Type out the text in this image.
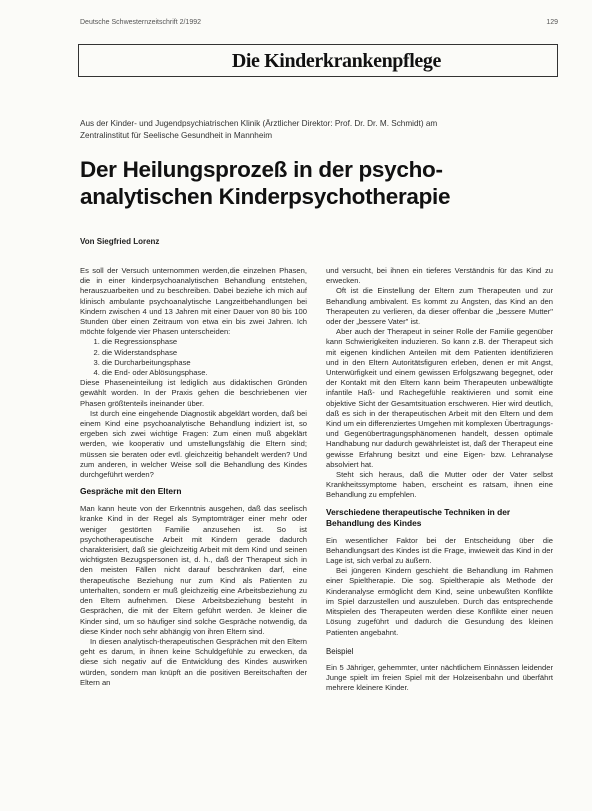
Deutsche Schwesternzeitschrift 2/1992	129
Die Kinderkrankenpflege
Aus der Kinder- und Jugendpsychiatrischen Klinik (Ärztlicher Direktor: Prof. Dr. Dr. M. Schmidt) am
Zentralinstitut für Seelische Gesundheit in Mannheim
Der Heilungsprozeß in der psycho-
analytischen Kinderpsychotherapie
Von Siegfried Lorenz

Es soll der Versuch unternommen werden,die einzelnen Phasen, die in einer kinderpsychoanalytischen Behandlung entstehen, herauszuarbeiten und zu beschreiben. Dabei beziehe ich mich auf klinisch ambulante psychoanalytische Langzeitbehandlungen bei Kindern zwischen 4 und 13 Jahren mit einer Dauer von 80 bis 100 Stunden über einen Zeitraum von etwa ein bis zwei Jahren. Ich möchte folgende vier Phasen unterscheiden:

1. die Regressionsphase
2. die Widerstandsphase
3. die Durcharbeitungsphase
4. die End- oder Ablösungsphase.

Diese Phaseneinteilung ist lediglich aus didaktischen Gründen gewählt worden. In der Praxis gehen die beschriebenen vier Phasen größtenteils ineinander über.

Ist durch eine eingehende Diagnostik abgeklärt worden, daß bei einem Kind eine psychoanalytische Behandlung indiziert ist, so ergeben sich zwei wichtige Fragen: Zum einen muß abgeklärt werden, wie kooperativ und umstellungsfähig die Eltern sind; müssen sie beraten oder evtl. gleichzeitig behandelt werden? Und zum anderen, in welcher Weise soll die Behandlung des Kindes durchgeführt werden?

Gespräche mit den Eltern

Man kann heute von der Erkenntnis ausgehen, daß das seelisch kranke Kind in der Regel als Symptomträger einer mehr oder weniger gestörten Familie anzusehen ist. So ist psychotherapeutische Arbeit mit Kindern gerade dadurch charakterisiert, daß sie gleichzeitig Arbeit mit dem Kind und seinen wichtigsten Bezugspersonen ist, d. h., daß der Therapeut sich in den meisten Fällen nicht darauf beschränken darf, eine therapeutische Beziehung nur zum Kind als Patienten zu unterhalten, sondern er muß gleichzeitig eine Arbeitsbeziehung zu den Eltern aufnehmen. Diese Arbeitsbeziehung besteht in Gesprächen, die mit der Eltern geführt werden. Je kleiner die Kinder sind, um so häufiger sind solche Gespräche notwendig, da diese Kinder noch sehr abhängig von ihren Eltern sind.

In diesen analytisch-therapeutischen Gesprächen mit den Eltern geht es darum, in ihnen keine Schuldgefühle zu erwecken, da diese sich negativ auf die Entwicklung des Kindes auswirken würden, sondern man knüpft an die positiven Bereitschaften der Eltern an

und versucht, bei ihnen ein tieferes Verständnis für das Kind zu erwecken.

Oft ist die Einstellung der Eltern zum Therapeuten und zur Behandlung ambivalent. Es kommt zu Ängsten, das Kind an den Therapeuten zu verlieren, da dieser offenbar die „bessere Mutter" oder der „bessere Vater" ist.

Aber auch der Therapeut in seiner Rolle der Familie gegenüber kann Schwierigkeiten induzieren. So kann z.B. der Therapeut sich mit eigenen kindlichen Anteilen mit dem Patienten identifizieren und in den Eltern Autoritätsfiguren erleben, denen er mit Angst, Unterwürfigkeit und einem gewissen Erfolgszwang begegnet, oder der Kontakt mit den Eltern kann beim Therapeuten unbewältigte infantile Haß- und Rachegefühle reaktivieren und somit eine objektive Sicht der Gesamtsituation erschweren. Hier wird deutlich, daß es sich in der therapeutischen Arbeit mit den Eltern und dem Kind um ein differenziertes Umgehen mit komplexen Übertragungs- und Gegenübertragungsphänomenen handelt, dessen optimale Handhabung nur dadurch gewährleistet ist, daß der Therapeut eine gewisse Erfahrung besitzt und eine Eigen- bzw. Lehranalyse absolviert hat.

Steht sich heraus, daß die Mutter oder der Vater selbst Krankheitssymptome haben, erscheint es ratsam, ihnen eine Behandlung zu empfehlen.

Verschiedene therapeutische Techniken in der Behandlung des Kindes

Ein wesentlicher Faktor bei der Entscheidung über die Behandlungsart des Kindes ist die Frage, inwieweit das Kind in der Lage ist, sich verbal zu äußern.

Bei jüngeren Kindern geschieht die Behandlung im Rahmen einer Spieltherapie. Die sog. Spieltherapie als Methode der Kinderanalyse ermöglicht dem Kind, seine unbewußten Konflikte im Spiel darzustellen und auszuleben. Durch das entsprechende Mitspielen des Therapeuten werden diese Konflikte einer neuen Lösung zugeführt und dadurch die Gesundung des kleinen Patienten angebahnt.

Beispiel

Ein 5 Jähriger, gehemmter, unter nächtlichem Einnässen leidender Junge spielt im freien Spiel mit der Holzeisenbahn und überfährt mehrere kleinere Kinder.
